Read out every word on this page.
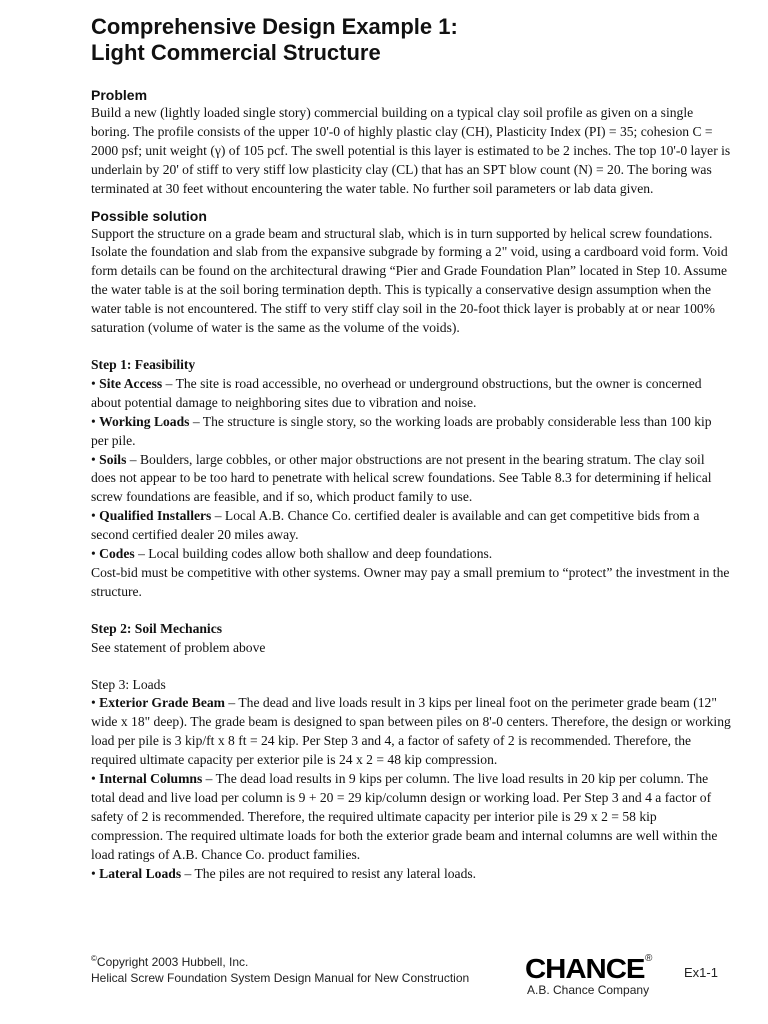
Comprehensive Design Example 1:
Light Commercial Structure

Problem

Build a new (lightly loaded single story) commercial building on a typical clay soil profile as given on a single boring. The profile consists of the upper 10'-0 of highly plastic clay (CH), Plasticity Index (PI) = 35; cohesion C = 2000 psf; unit weight (γ) of 105 pcf. The swell potential is this layer is estimated to be 2 inches. The top 10'-0 layer is underlain by 20' of stiff to very stiff low plasticity clay (CL) that has an SPT blow count (N) = 20. The boring was terminated at 30 feet without encountering the water table. No further soil parameters or lab data given.

Possible solution

Support the structure on a grade beam and structural slab, which is in turn supported by helical screw foundations. Isolate the foundation and slab from the expansive subgrade by forming a 2" void, using a cardboard void form. Void form details can be found on the architectural drawing “Pier and Grade Foundation Plan” located in Step 10. Assume the water table is at the soil boring termination depth. This is typically a conservative design assumption when the water table is not encountered. The stiff to very stiff clay soil in the 20-foot thick layer is probably at or near 100% saturation (volume of water is the same as the volume of the voids).

Step 1: Feasibility

• Site Access – The site is road accessible, no overhead or underground obstructions, but the owner is concerned about potential damage to neighboring sites due to vibration and noise.

• Working Loads – The structure is single story, so the working loads are probably considerable less than 100 kip per pile.

• Soils – Boulders, large cobbles, or other major obstructions are not present in the bearing stratum. The clay soil does not appear to be too hard to penetrate with helical screw foundations. See Table 8.3 for determining if helical screw foundations are feasible, and if so, which product family to use.

• Qualified Installers – Local A.B. Chance Co. certified dealer is available and can get competitive bids from a second certified dealer 20 miles away.

• Codes – Local building codes allow both shallow and deep foundations.

Cost-bid must be competitive with other systems. Owner may pay a small premium to “protect” the investment in the structure.

Step 2: Soil Mechanics

See statement of problem above

Step 3: Loads

• Exterior Grade Beam – The dead and live loads result in 3 kips per lineal foot on the perimeter grade beam (12" wide x 18" deep). The grade beam is designed to span between piles on 8'-0 centers. Therefore, the design or working load per pile is 3 kip/ft x 8 ft = 24 kip. Per Step 3 and 4, a factor of safety of 2 is recommended. Therefore, the required ultimate capacity per exterior pile is 24 x 2 = 48 kip compression.

• Internal Columns – The dead load results in 9 kips per column. The live load results in 20 kip per column. The total dead and live load per column is 9 + 20 = 29 kip/column design or working load. Per Step 3 and 4 a factor of safety of 2 is recommended. Therefore, the required ultimate capacity per interior pile is 29 x 2 = 58 kip compression. The required ultimate loads for both the exterior grade beam and internal columns are well within the load ratings of A.B. Chance Co. product families.

• Lateral Loads – The piles are not required to resist any lateral loads.

©Copyright 2003 Hubbell, Inc.
Helical Screw Foundation System Design Manual for New Construction CHANCE ®
A.B. Chance Company
Ex1-1
